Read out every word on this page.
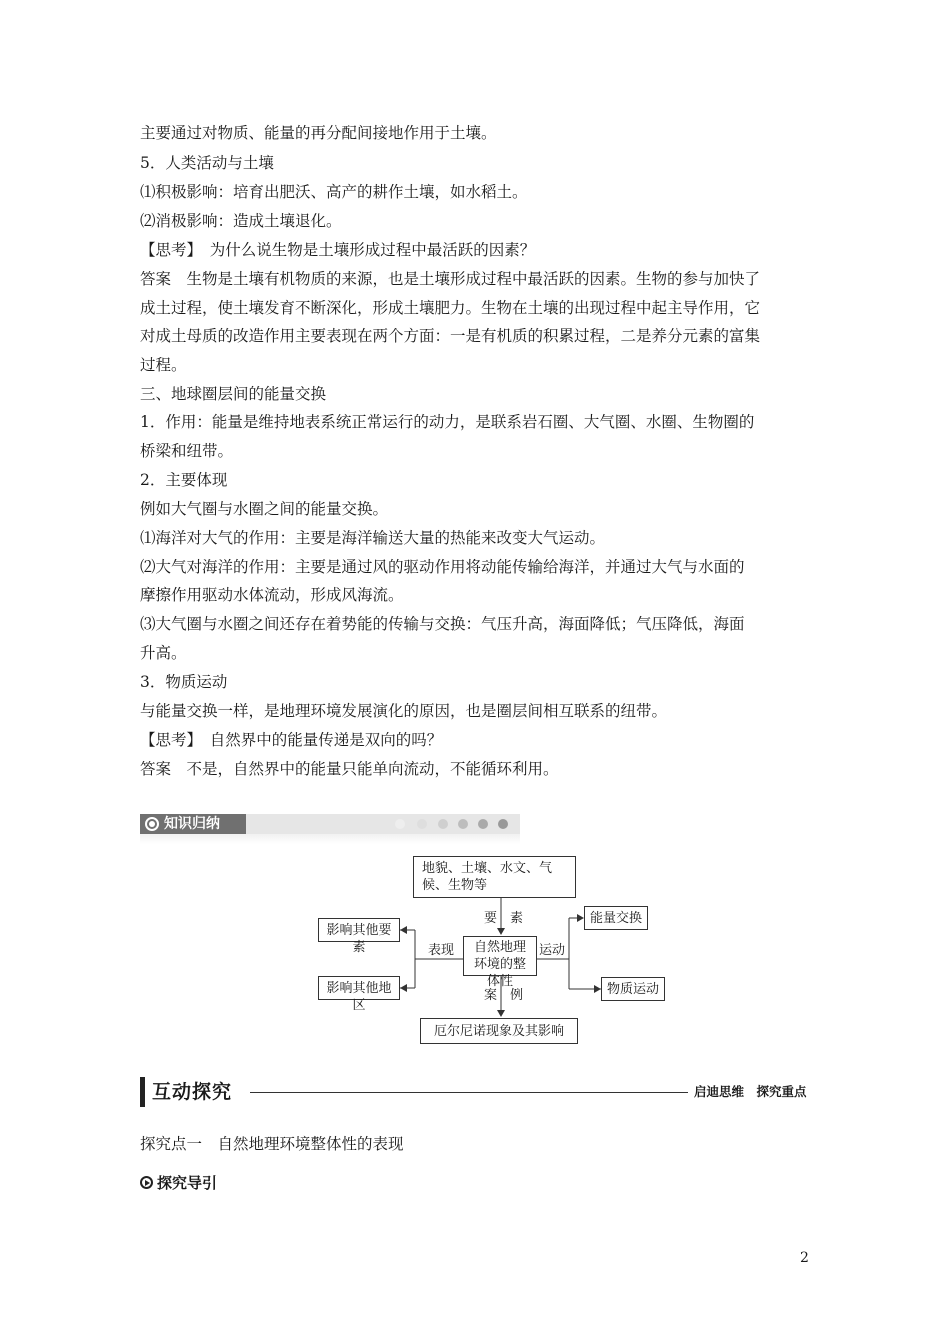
主要通过对物质、能量的再分配间接地作用于土壤。
5．人类活动与土壤
⑴积极影响：培育出肥沃、高产的耕作土壤，如水稻土。
⑵消极影响：造成土壤退化。
【思考】　为什么说生物是土壤形成过程中最活跃的因素？
答案　生物是土壤有机物质的来源，也是土壤形成过程中最活跃的因素。生物的参与加快了
成土过程，使土壤发育不断深化，形成土壤肥力。生物在土壤的出现过程中起主导作用，它
对成土母质的改造作用主要表现在两个方面：一是有机质的积累过程，二是养分元素的富集
过程。
三、地球圈层间的能量交换
1．作用：能量是维持地表系统正常运行的动力，是联系岩石圈、大气圈、水圈、生物圈的
桥梁和纽带。
2．主要体现
例如大气圈与水圈之间的能量交换。
⑴海洋对大气的作用：主要是海洋输送大量的热能来改变大气运动。
⑵大气对海洋的作用：主要是通过风的驱动作用将动能传输给海洋，并通过大气与水面的
摩擦作用驱动水体流动，形成风海流。
⑶大气圈与水圈之间还存在着势能的传输与交换：气压升高，海面降低；气压降低，海面
升高。
3．物质运动
与能量交换一样，是地理环境发展演化的原因，也是圈层间相互联系的纽带。
【思考】　自然界中的能量传递是双向的吗？
答案　不是，自然界中的能量只能单向流动，不能循环利用。
知识归纳
地貌、土壤、水文、气候、生物等
自然地理环境的整体性
影响其他要素
影响其他地区
能量交换
物质运动
厄尔尼诺现象及其影响
要　素
表现	运动
案　例
互动探究	启迪思维　探究重点
探究点一　自然地理环境整体性的表现
探究导引
2
